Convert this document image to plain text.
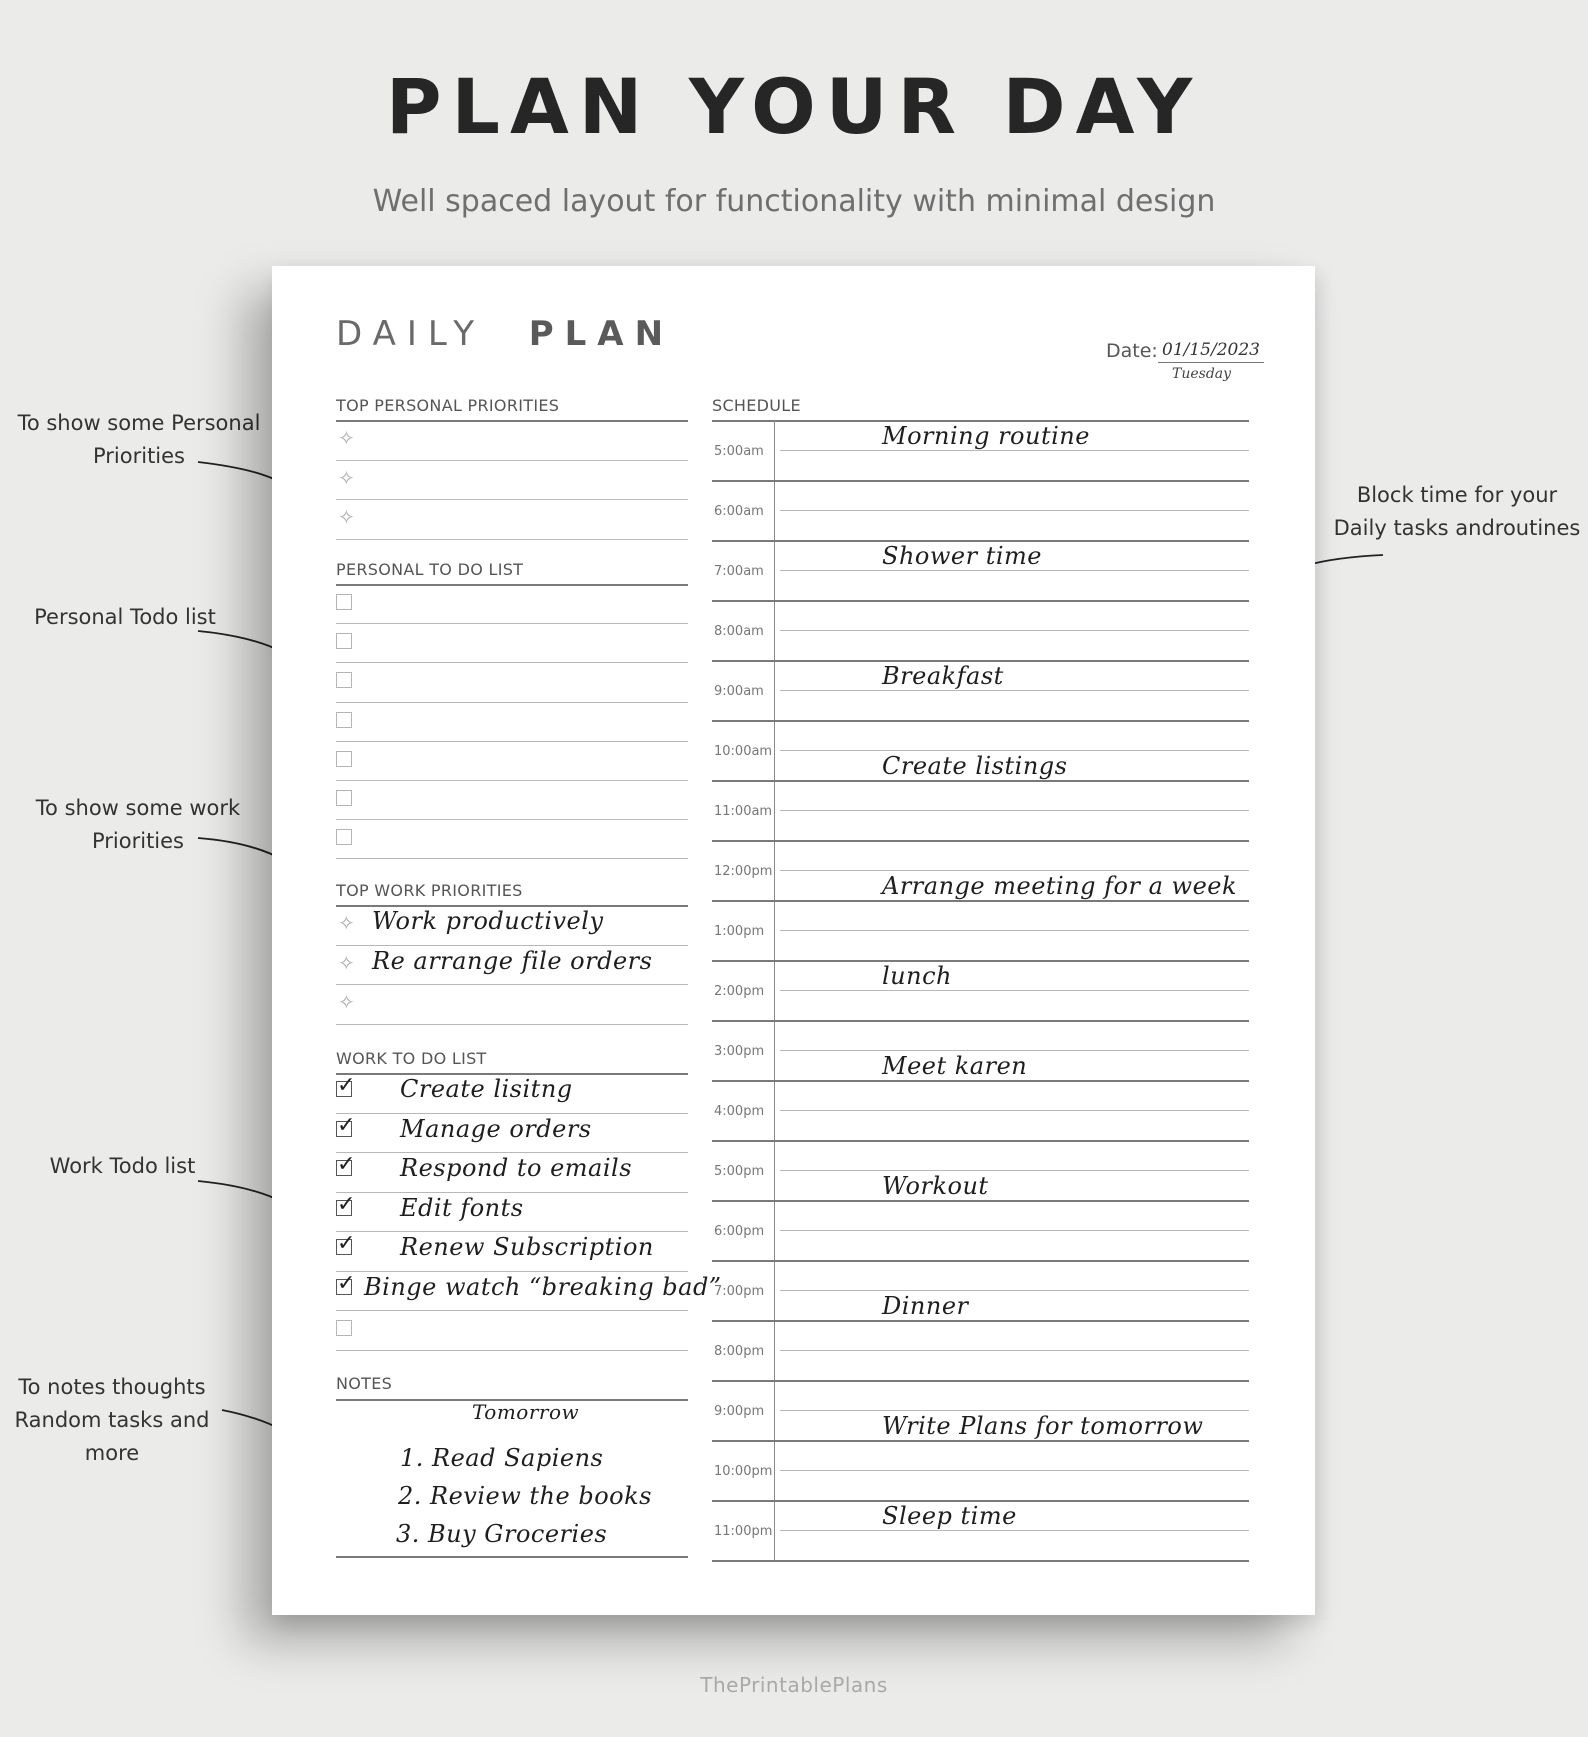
PLAN YOUR DAY
Well spaced layout for functionality with minimal design
To show some Personal
Priorities
Personal Todo list
To show some work
Priorities
Work Todo list
To notes thoughts
Random tasks and
more
Block time for your
Daily tasks androutines
DAILY PLAN	Date: 01/15/2023
Tuesday
TOP PERSONAL PRIORITIES
✧
✧
✧
PERSONAL TO DO LIST
TOP WORK PRIORITIES
✧ Work productively
✧ Re arrange file orders
✧
WORK TO DO LIST
✓ Create lisitng
✓ Manage orders
✓ Respond to emails
✓ Edit fonts
✓ Renew Subscription
✓ Binge watch “breaking bad”
NOTES
Tomorrow
1. Read Sapiens
2. Review the books
3. Buy Groceries
SCHEDULE
5:00am
6:00am
7:00am
8:00am
9:00am
10:00am
11:00am
12:00pm
1:00pm
2:00pm
3:00pm
4:00pm
5:00pm
6:00pm
7:00pm
8:00pm
9:00pm
10:00pm
11:00pm
Morning routine
Shower time
Breakfast
Create listings
Arrange meeting for a week
lunch
Meet karen
Workout
Dinner
Write Plans for tomorrow
Sleep time
ThePrintablePlans
